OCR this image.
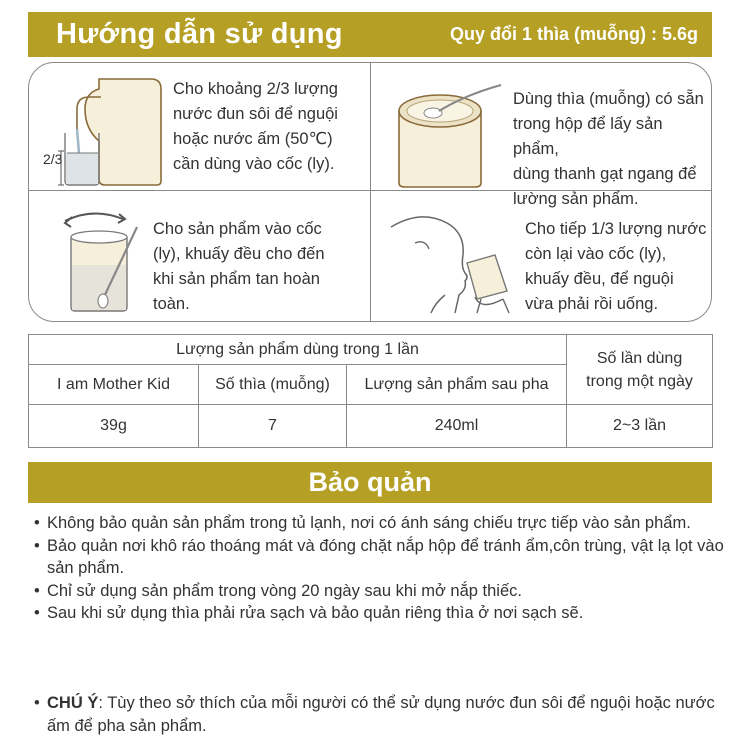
Hướng dẫn sử dụng	Quy đổi 1 thìa (muỗng) : 5.6g
2/3
Cho khoảng 2/3 lượng
nước đun sôi để nguội
hoặc nước ấm (50℃)
cần dùng vào cốc (ly).
Dùng thìa (muỗng) có sẵn
trong hộp để lấy sản phẩm,
dùng thanh gạt ngang để
lường sản phẩm.
Cho sản phẩm vào cốc
(ly), khuấy đều cho đến
khi sản phẩm tan hoàn
toàn.
Cho tiếp 1/3 lượng nước
còn lại vào cốc (ly),
khuấy đều, để nguội
vừa phải rồi uống.
Lượng sản phẩm dùng trong 1 lần			Số lần dùng trong một ngày
I am Mother Kid	Số thìa (muỗng)	Lượng sản phẩm sau pha	
39g	7	240ml	2~3 lần
Bảo quản
• Không bảo quản sản phẩm trong tủ lạnh, nơi có ánh sáng chiếu trực tiếp vào sản phẩm.
• Bảo quản nơi khô ráo thoáng mát và đóng chặt nắp hộp để tránh ẩm,côn trùng, vật lạ lọt vào sản phẩm.
• Chỉ sử dụng sản phẩm trong vòng 20 ngày sau khi mở nắp thiếc.
• Sau khi sử dụng thìa phải rửa sạch và bảo quản riêng thìa ở nơi sạch sẽ.
• CHÚ Ý: Tùy theo sở thích của mỗi người có thể sử dụng nước đun sôi để nguội hoặc nước ấm để pha sản phẩm.
